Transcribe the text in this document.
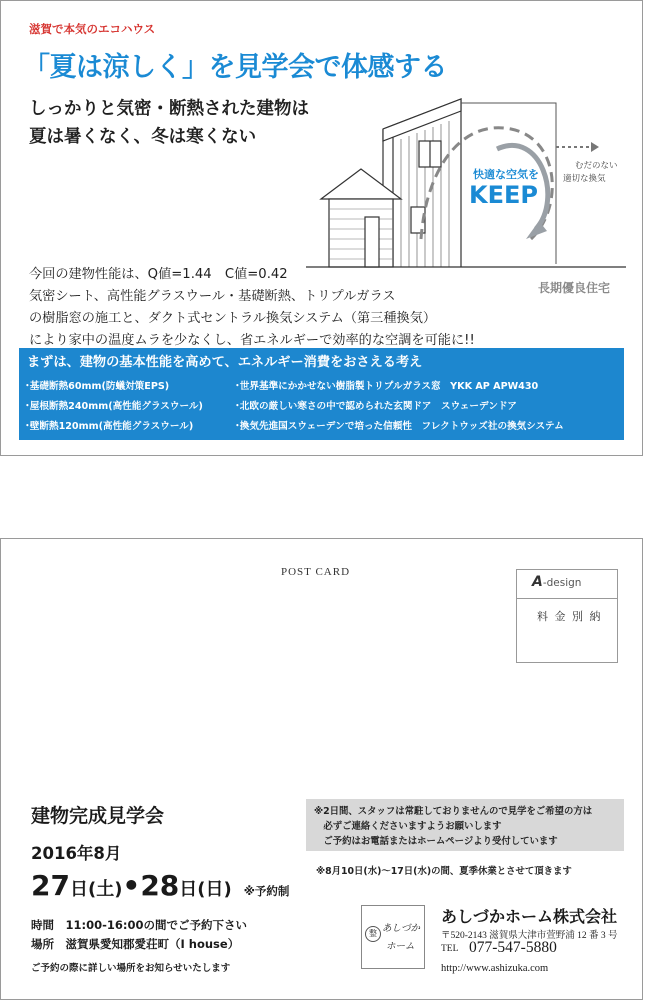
滋賀で本気のエコハウス
「夏は涼しく」を見学会で体感する
しっかりと気密・断熱された建物は
夏は暑くなく、冬は寒くない
快適な空気を
KEEP
むだのない
適切な換気
長期優良住宅
今回の建物性能は、Q値=1.44　C値=0.42
気密シート、高性能グラスウール・基礎断熱、トリプルガラス
の樹脂窓の施工と、ダクト式セントラル換気システム（第三種換気）
により家中の温度ムラを少なくし、省エネルギーで効率的な空調を可能に!!
まずは、建物の基本性能を高めて、エネルギー消費をおさえる考え
･基礎断熱60mm(防蟻対策EPS)
･屋根断熱240mm(高性能グラスウール)
･壁断熱120mm(高性能グラスウール)
･世界基準にかかせない樹脂製トリプルガラス窓　YKK AP APW430
･北欧の厳しい寒さの中で認められた玄関ドア　スウェーデンドア
･換気先進国スウェーデンで培った信頼性　フレクトウッズ社の換気システム
POST CARD
A-design
料 金 別 納
建物完成見学会
2016年8月
27日(土)•28日(日) ※予約制
時間　11:00-16:00の間でご予約下さい
場所　滋賀県愛知郡愛荘町（I house）
ご予約の際に詳しい場所をお知らせいたします
※2日間、スタッフは常駐しておりませんので見学をご希望の方は
　必ずご連絡くださいますようお願いします
　ご予約はお電話またはホームページより受付しています
※8月10日(水)～17日(水)の間、夏季休業とさせて頂きます
整 あしづか
ホーム
あしづかホーム株式会社
〒520-2143 滋賀県大津市萱野浦 12 番 3 号
TEL 077-547-5880
http://www.ashizuka.com
